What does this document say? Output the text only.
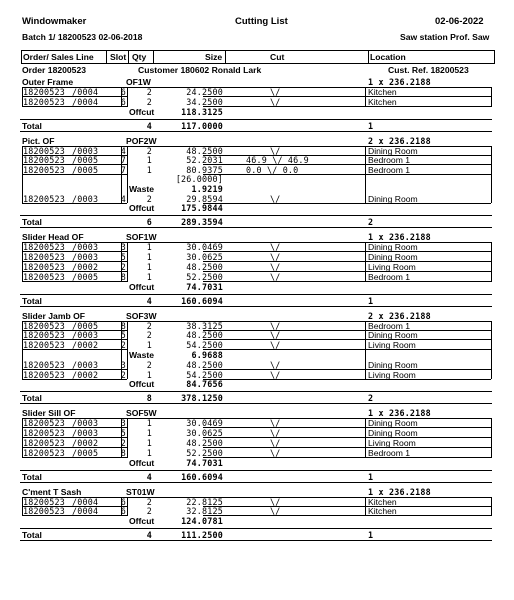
Windowmaker	Cutting List	02-06-2022
Batch 1/ 18200523 02-06-2018	Saw station Prof. Saw
Order/ Sales Line Slot Qty	Size	Cut	Location
Order 18200523	Customer 180602 Ronald Lark	Cust. Ref. 18200523
Outer Frame	OF1W	1 x 236.2188
18200523 /0004	6	2	24.2500	\/	Kitchen
18200523 /0004	6	2	34.2500	\/	Kitchen
Offcut	118.3125
Total	4	117.0000	1
Pict. OF	POF2W	2 x 236.2188
18200523 /0003	4	2	48.2500	\/	Dining Room
18200523 /0005	7	1	52.2031	46.9 \/ 46.9	Bedroom 1
18200523 /0005	7	1	80.9375	0.0 \/ 0.0	Bedroom 1
[26.0000]
Waste	1.9219
18200523 /0003	4	2	29.8594	\/	Dining Room
Offcut	175.9844
Total	6	289.3594	2
Slider Head OF	SOF1W	1 x 236.2188
18200523 /0003	3	1	30.0469	\/	Dining Room
18200523 /0003	5	1	30.0625	\/	Dining Room
18200523 /0002	2	1	48.2500	\/	Living Room
18200523 /0005	8	1	52.2500	\/	Bedroom 1
Offcut	74.7031
Total	4	160.6094	1
Slider Jamb OF	SOF3W	2 x 236.2188
18200523 /0005	8	2	38.3125	\/	Bedroom 1
18200523 /0003	5	2	48.2500	\/	Dining Room
18200523 /0002	2	1	54.2500	\/	Living Room
Waste	6.9688
18200523 /0003	3	2	48.2500	\/	Dining Room
18200523 /0002	2	1	54.2500	\/	Living Room
Offcut	84.7656
Total	8	378.1250	2
Slider Sill OF	SOF5W	1 x 236.2188
18200523 /0003	3	1	30.0469	\/	Dining Room
18200523 /0003	5	1	30.0625	\/	Dining Room
18200523 /0002	2	1	48.2500	\/	Living Room
18200523 /0005	8	1	52.2500	\/	Bedroom 1
Offcut	74.7031
Total	4	160.6094	1
C'ment T Sash	ST01W	1 x 236.2188
18200523 /0004	6	2	22.8125	\/	Kitchen
18200523 /0004	6	2	32.8125	\/	Kitchen
Offcut	124.0781
Total	4	111.2500	1
